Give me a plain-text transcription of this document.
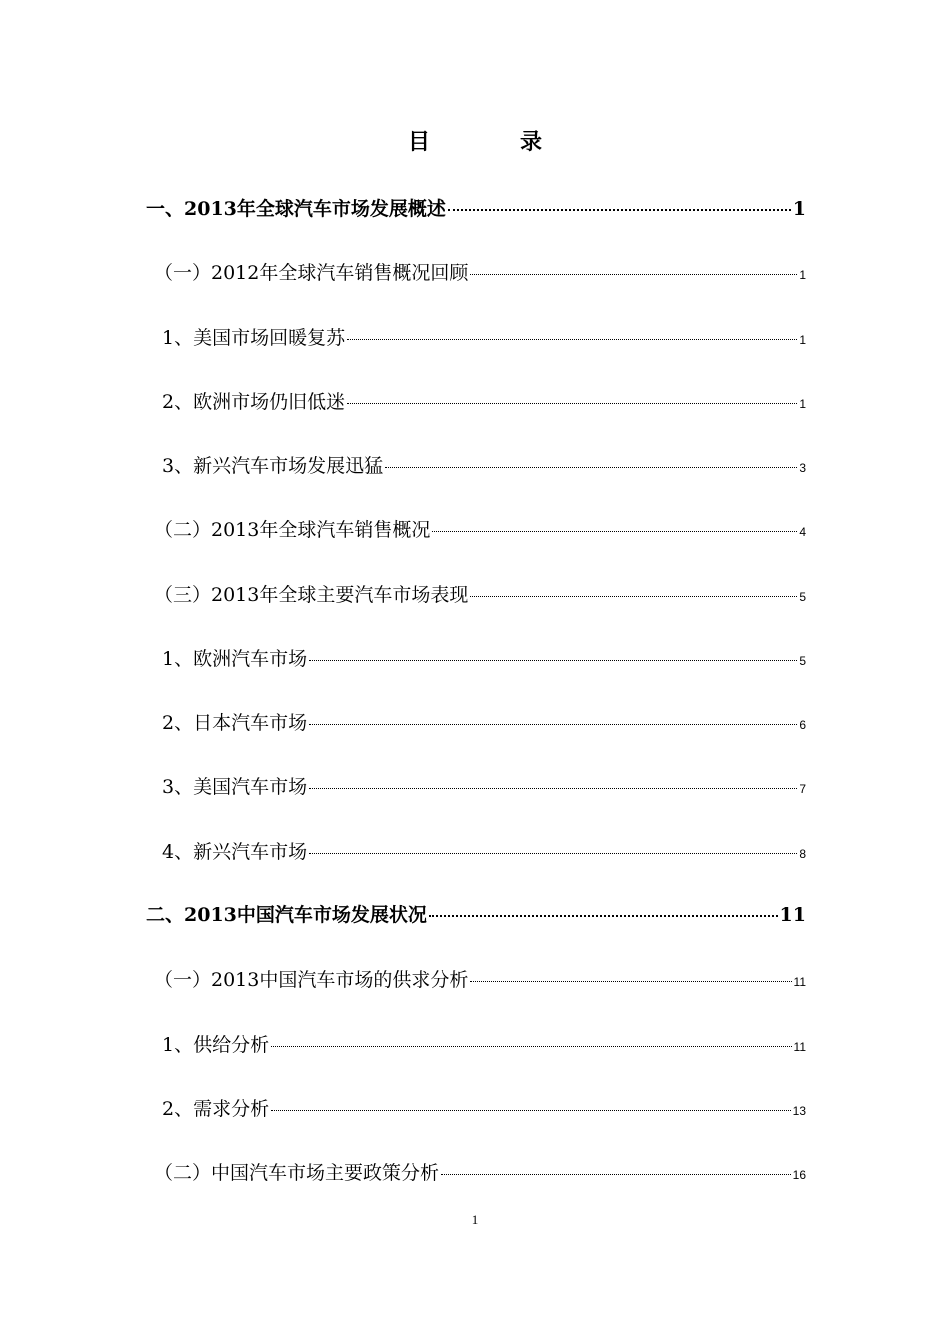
目　录
一、2013年全球汽车市场发展概述	1
（一）2012年全球汽车销售概况回顾	1
1、美国市场回暖复苏	1
2、欧洲市场仍旧低迷	1
3、新兴汽车市场发展迅猛	3
（二）2013年全球汽车销售概况	4
（三）2013年全球主要汽车市场表现	5
1、欧洲汽车市场	5
2、日本汽车市场	6
3、美国汽车市场	7
4、新兴汽车市场	8
二、2013中国汽车市场发展状况	11
（一）2013中国汽车市场的供求分析	11
1、供给分析	11
2、需求分析	13
（二）中国汽车市场主要政策分析	16
1
